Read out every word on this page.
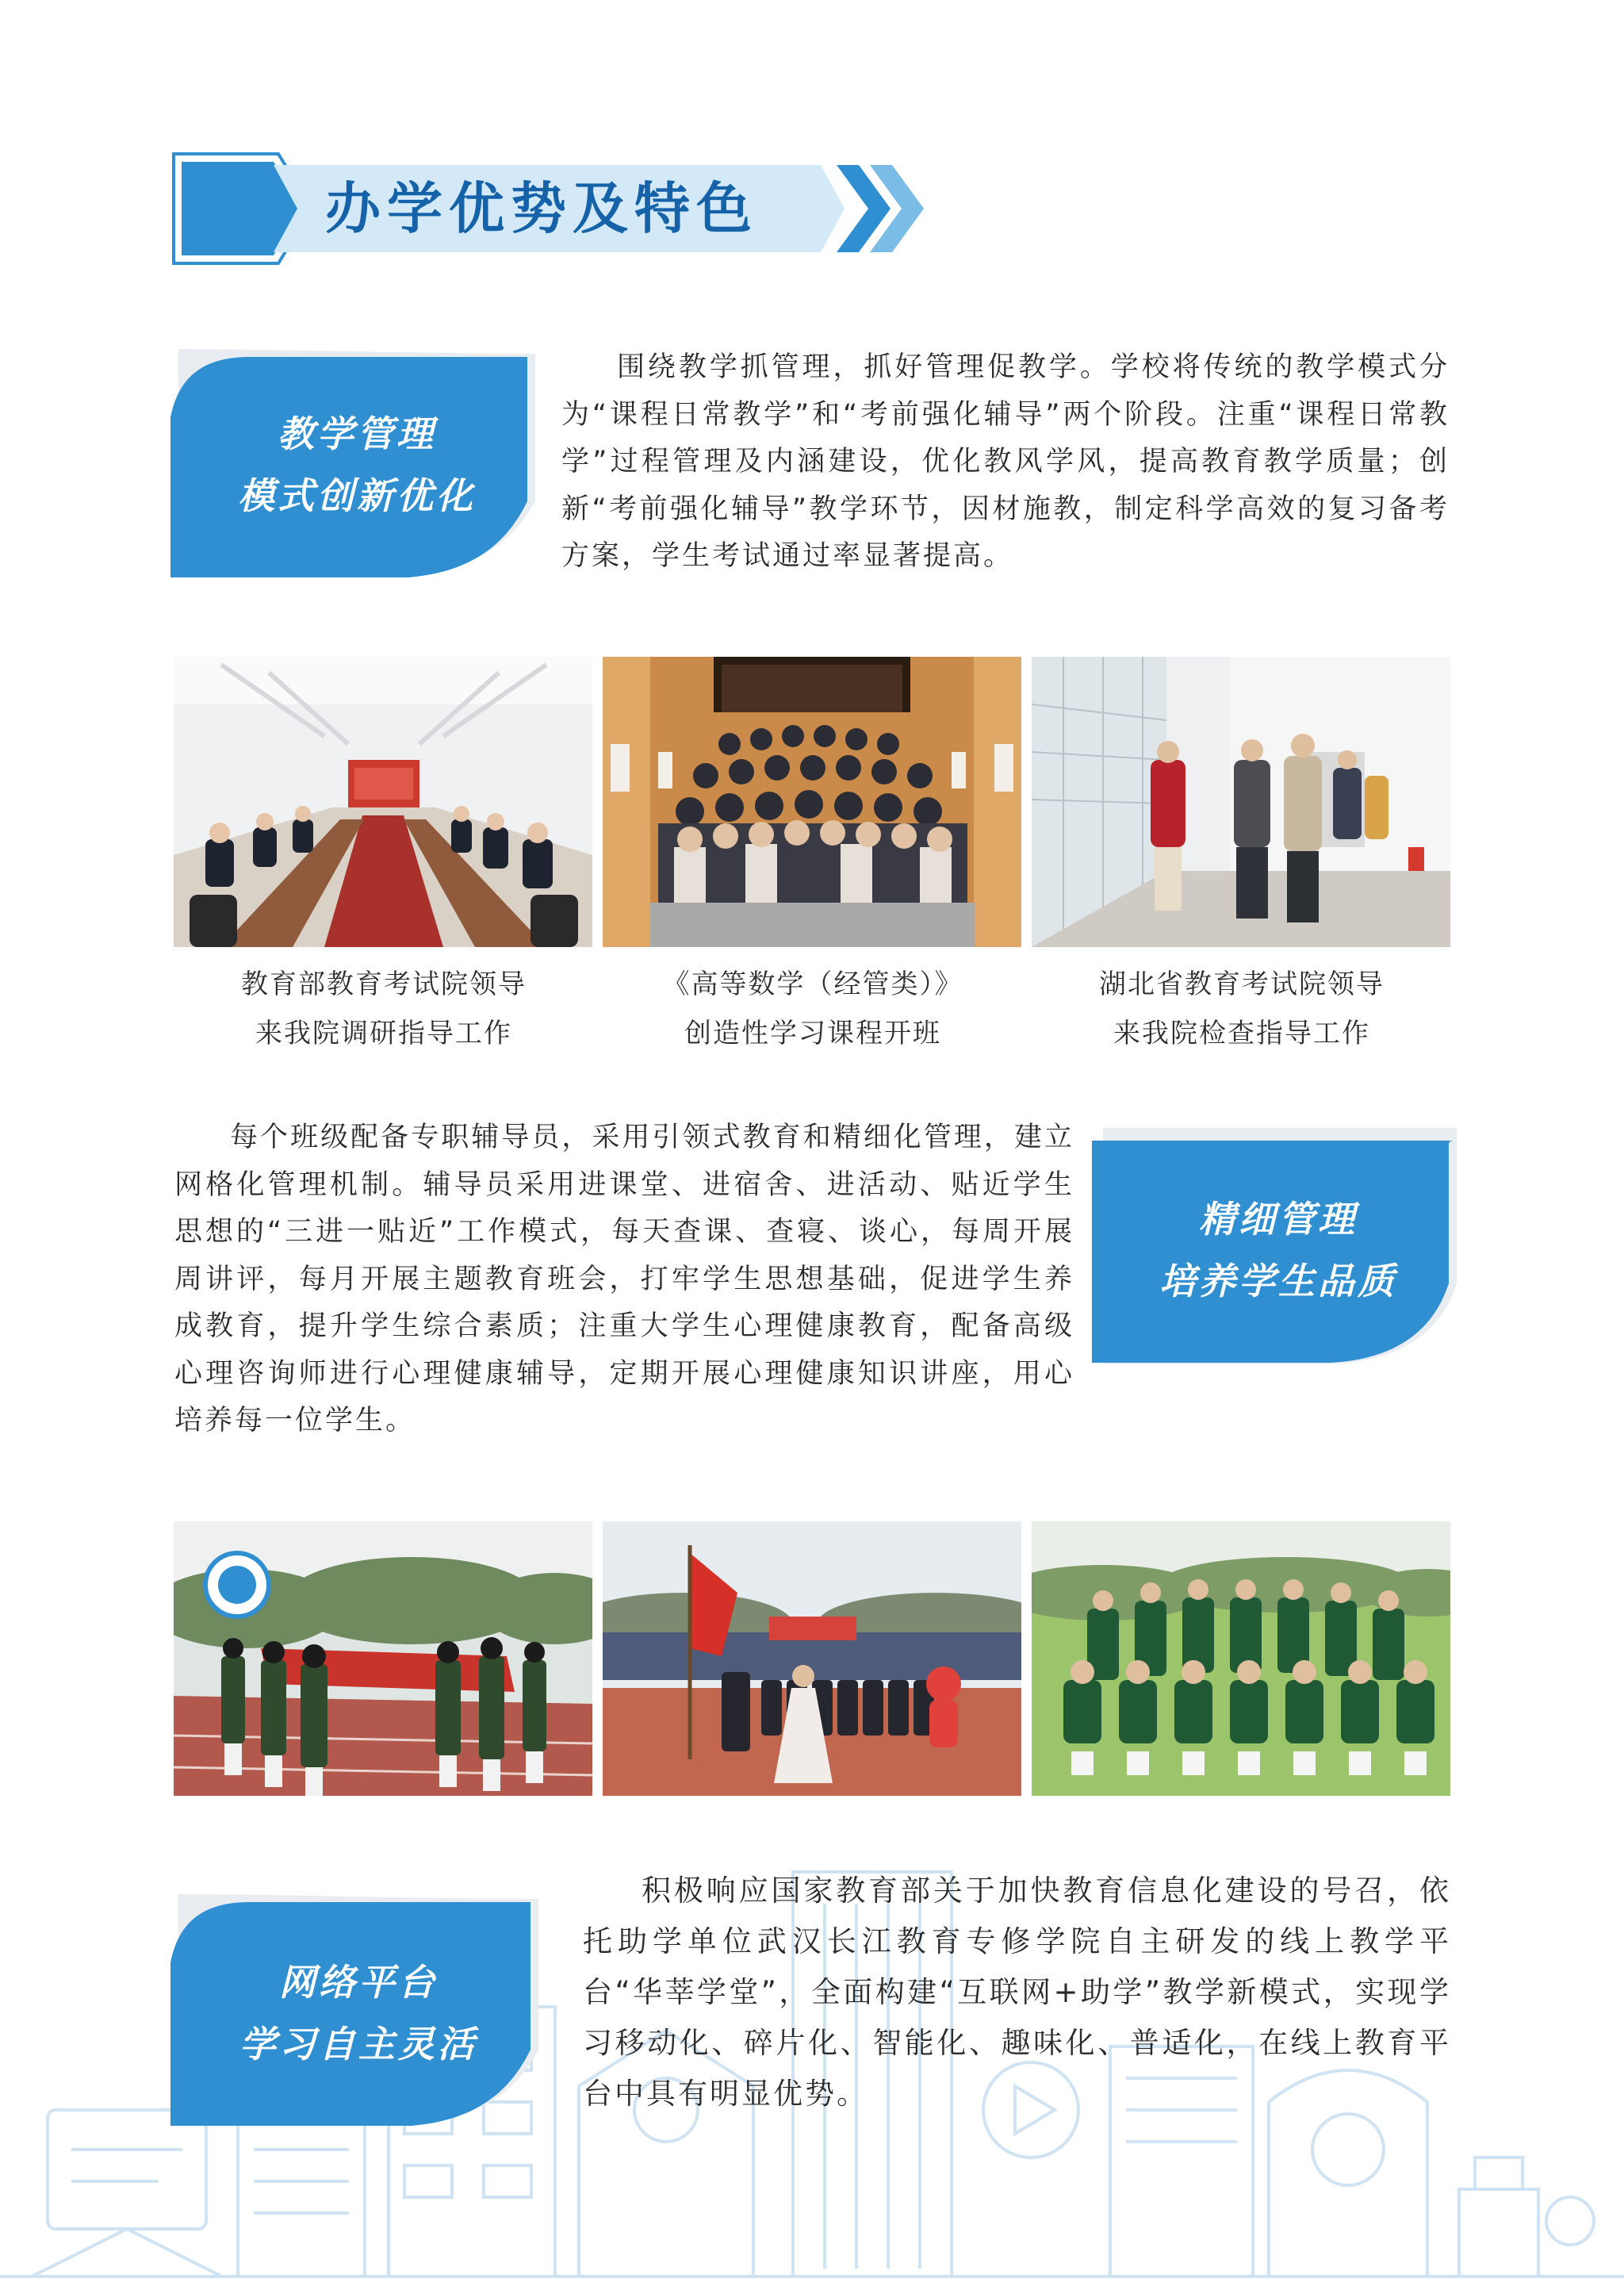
办学优势及特色
教学管理
模式创新优化

围绕教学抓管理，抓好管理促教学。学校将传统的教学模式分为“课程日常教学”和“考前强化辅导”两个阶段。注重“课程日常教学”过程管理及内涵建设，优化教风学风，提高教育教学质量；创新“考前强化辅导”教学环节，因材施教，制定科学高效的复习备考方案，学生考试通过率显著提高。

教育部教育考试院领导
来我院调研指导工作
《高等数学（经管类）》
创造性学习课程开班
湖北省教育考试院领导
来我院检查指导工作

每个班级配备专职辅导员，采用引领式教育和精细化管理，建立网格化管理机制。辅导员采用进课堂、进宿舍、进活动、贴近学生思想的“三进一贴近”工作模式，每天查课、查寝、谈心，每周开展周讲评，每月开展主题教育班会，打牢学生思想基础，促进学生养成教育，提升学生综合素质；注重大学生心理健康教育，配备高级心理咨询师进行心理健康辅导，定期开展心理健康知识讲座，用心培养每一位学生。

精细管理
培养学生品质
网络平台
学习自主灵活

积极响应国家教育部关于加快教育信息化建设的号召，依托助学单位武汉长江教育专修学院自主研发的线上教学平台“华莘学堂”，全面构建“互联网+助学”教学新模式，实现学习移动化、碎片化、智能化、趣味化、普适化，在线上教育平台中具有明显优势。
